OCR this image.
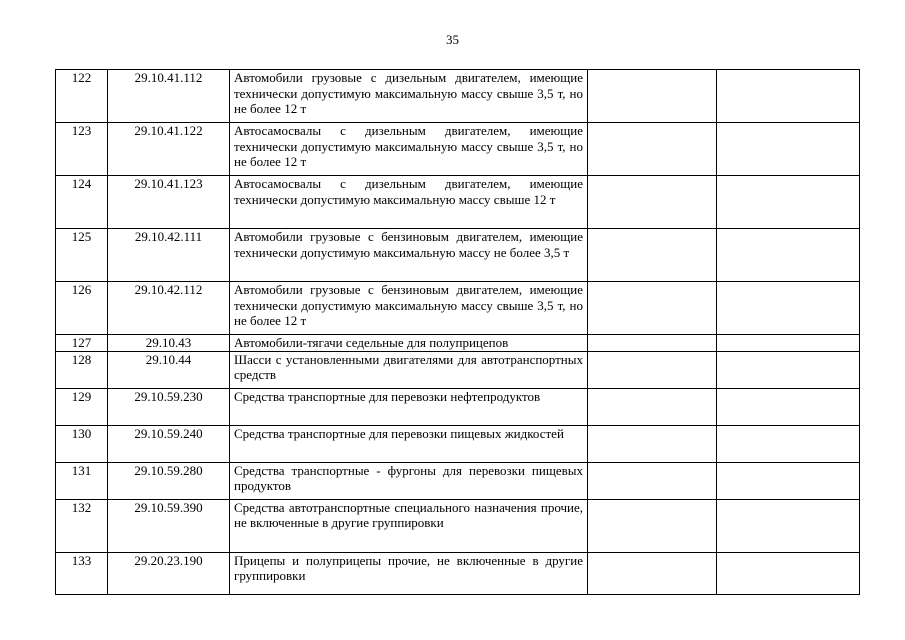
35
122	29.10.41.112	Автомобили грузовые с дизельным двигателем, имеющие технически допустимую максимальную массу свыше 3,5 т, но не более 12 т		
123	29.10.41.122	Автосамосвалы с дизельным двигателем, имеющие технически допустимую максимальную массу свыше 3,5 т, но не более 12 т		
124	29.10.41.123	Автосамосвалы с дизельным двигателем, имеющие технически допустимую максимальную массу свыше 12 т		
125	29.10.42.111	Автомобили грузовые с бензиновым двигателем, имеющие технически допустимую максимальную массу не более 3,5 т		
126	29.10.42.112	Автомобили грузовые с бензиновым двигателем, имеющие технически допустимую максимальную массу свыше 3,5 т, но не более 12 т		
127	29.10.43	Автомобили-тягачи седельные для полуприцепов		
128	29.10.44	Шасси с установленными двигателями для автотранспортных средств		
129	29.10.59.230	Средства транспортные для перевозки нефтепродуктов		
130	29.10.59.240	Средства транспортные для перевозки пищевых жидкостей		
131	29.10.59.280	Средства транспортные - фургоны для перевозки пищевых продуктов		
132	29.10.59.390	Средства автотранспортные специального назначения прочие, не включенные в другие группировки		
133	29.20.23.190	Прицепы и полуприцепы прочие, не включенные в другие группировки		
